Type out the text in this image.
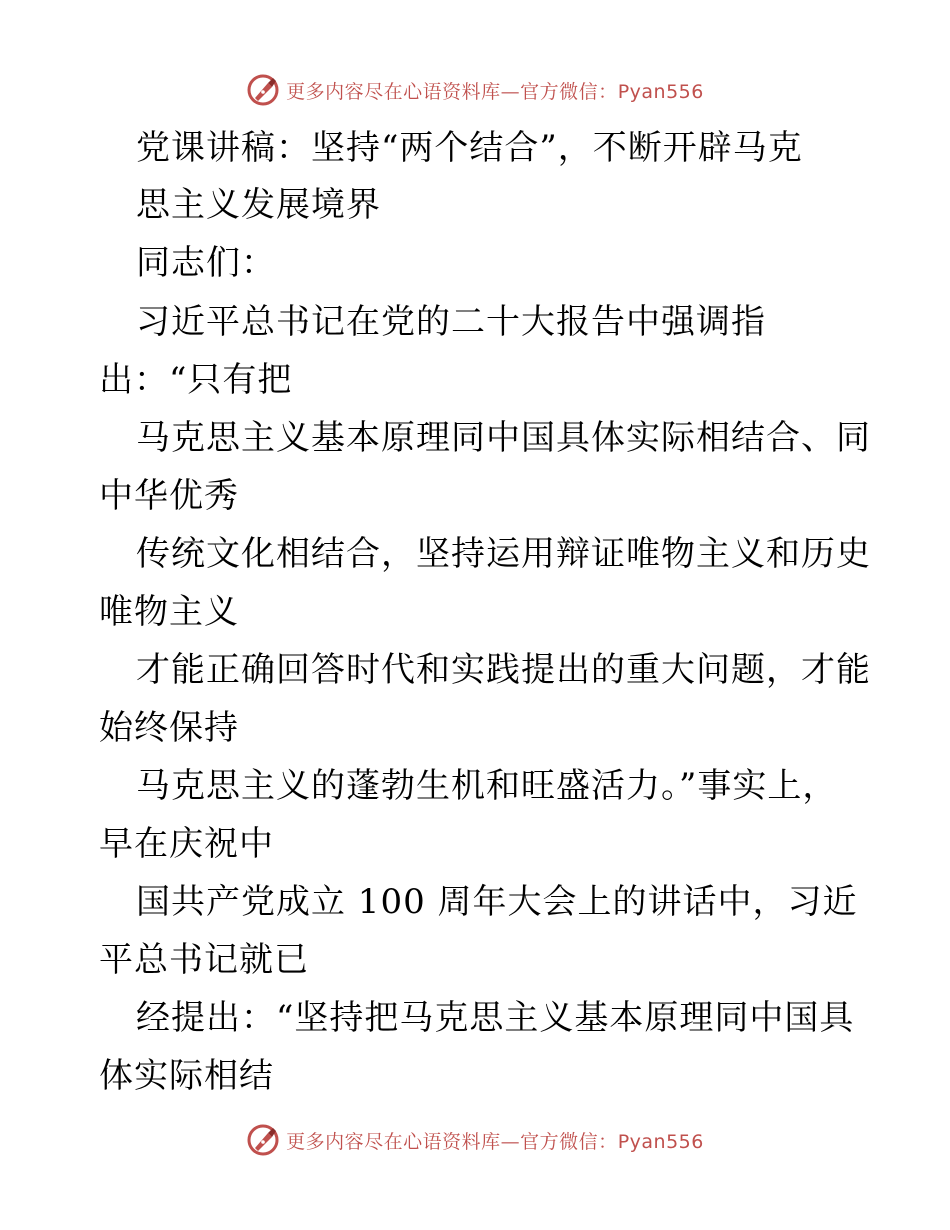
更多内容尽在心语资料库—官方微信：Pyan556
党课讲稿：坚持“两个结合”，不断开辟马克
思主义发展境界
同志们：
习近平总书记在党的二十大报告中强调指
出：“只有把
马克思主义基本原理同中国具体实际相结合、同
中华优秀
传统文化相结合，坚持运用辩证唯物主义和历史
唯物主义
才能正确回答时代和实践提出的重大问题，才能
始终保持
马克思主义的蓬勃生机和旺盛活力。”事实上，
早在庆祝中
国共产党成立 100 周年大会上的讲话中，习近
平总书记就已
经提出：“坚持把马克思主义基本原理同中国具
体实际相结
更多内容尽在心语资料库—官方微信：Pyan556
